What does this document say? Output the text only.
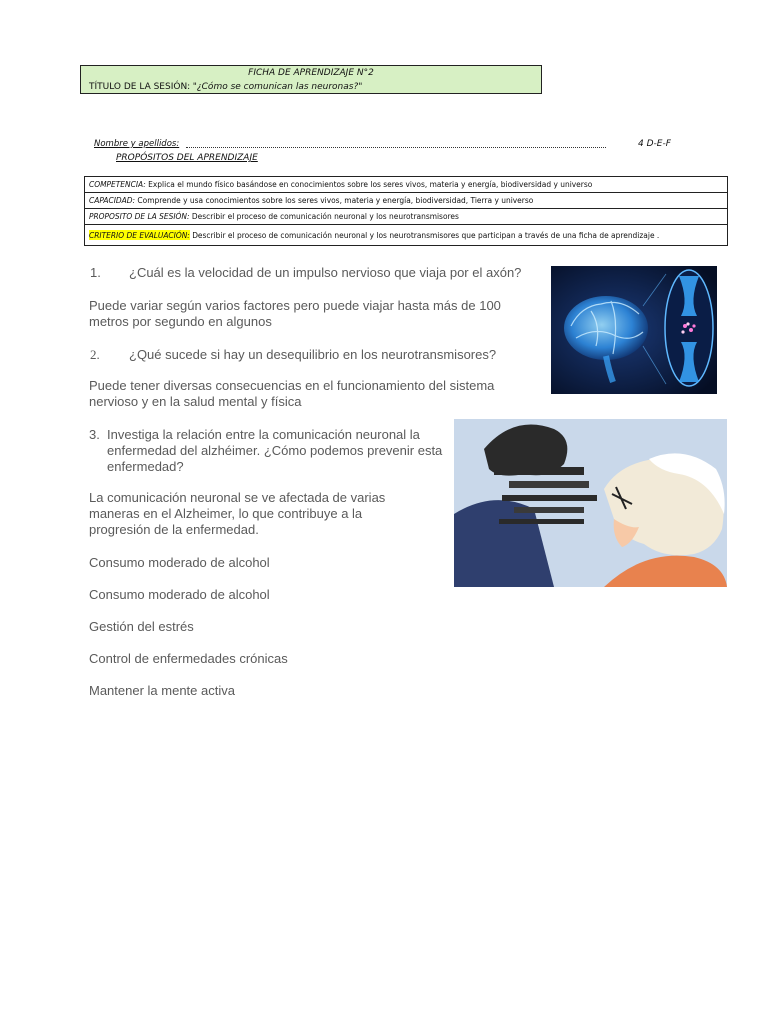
FICHA DE APRENDIZAJE N°2
TÍTULO DE LA SESIÓN: "¿Cómo se comunican las neuronas?"
Nombre y apellidos:	4 D-E-F
PROPÓSITOS DEL APRENDIZAJE
COMPETENCIA: Explica el mundo físico basándose en conocimientos sobre los seres vivos, materia y energía, biodiversidad y universo
CAPACIDAD: Comprende y usa conocimientos sobre los seres vivos, materia y energía, biodiversidad, Tierra y universo
PROPOSITO DE LA SESIÓN: Describir el proceso de comunicación neuronal y los neurotransmisores
CRITERIO DE EVALUACIÓN: Describir el proceso de comunicación neuronal y los neurotransmisores que participan a través de una ficha de aprendizaje .
1. ¿Cuál es la velocidad de un impulso nervioso que viaja por el axón?
Puede variar según varios factores pero puede viajar hasta más de 100 metros por segundo en algunos
2. ¿Qué sucede si hay un desequilibrio en los neurotransmisores?
Puede tener diversas consecuencias en el funcionamiento del sistema nervioso y en la salud mental y física
3. Investiga la relación entre la comunicación neuronal la enfermedad del alzhéimer. ¿Cómo podemos prevenir esta enfermedad?
La comunicación neuronal se ve afectada de varias maneras en el Alzheimer, lo que contribuye a la progresión de la enfermedad.
Consumo moderado de alcohol
Consumo moderado de alcohol
Gestión del estrés
Control de enfermedades crónicas
Mantener la mente activa
